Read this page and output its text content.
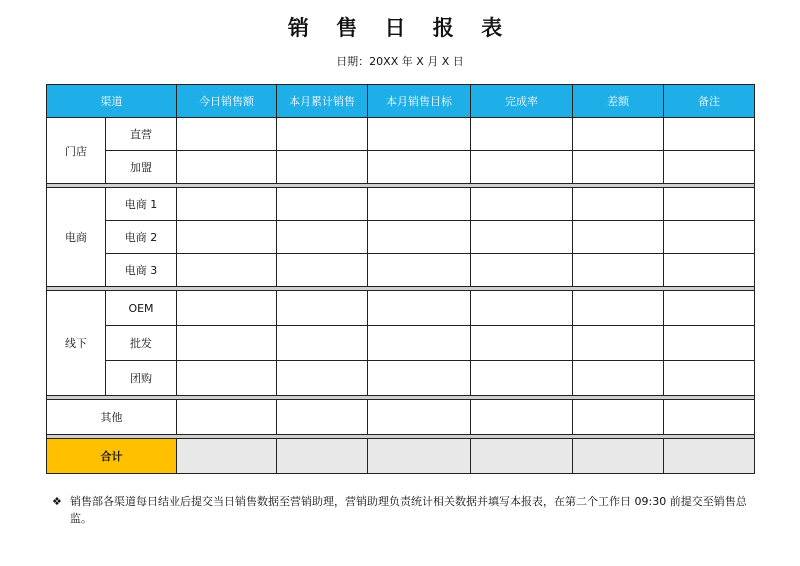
销 售 日 报 表
日期：20XX 年 X 月 X 日
渠道		今日销售额	本月累计销售	本月销售目标	完成率	差额	备注
门店	直营						
	加盟						

电商	电商 1						
	电商 2						
	电商 3						

线下	OEM						
	批发						
	团购						

其他							

合计							
❖ 销售部各渠道每日结业后提交当日销售数据至营销助理，营销助理负责统计相关数据并填写本报表，在第二个工作日 09:30 前提交至销售总监。
